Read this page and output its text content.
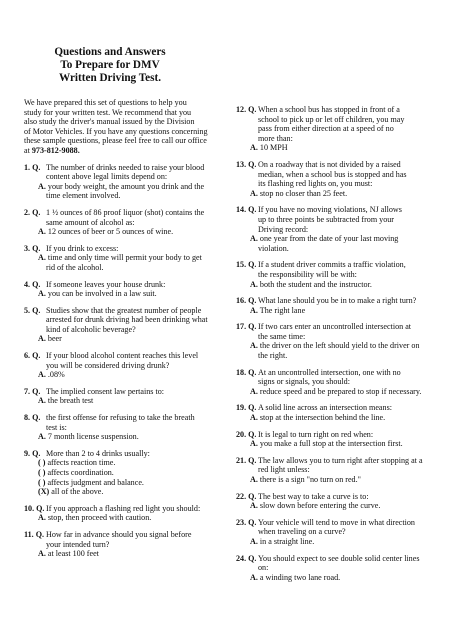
Questions and Answers
To Prepare for DMV
Written Driving Test.
We have prepared this set of questions to help you
study for your written test. We recommend that you
also study the driver's manual issued by the Division
of Motor Vehicles. If you have any questions concerning
these sample questions, please feel free to call our office
at 973-812-9088.
1. Q. The number of drinks needed to raise your blood
content above legal limits depend on:
A. your body weight, the amount you drink and the
time element involved.
2. Q. 1 ½ ounces of 86 proof liquor (shot) contains the
same amount of alcohol as:
A. 12 ounces of beer or 5 ounces of wine.
3. Q. If you drink to excess:
A. time and only time will permit your body to get
rid of the alcohol.
4. Q. If someone leaves your house drunk:
A. you can be involved in a law suit.
5. Q. Studies show that the greatest number of people
arrested for drunk driving had been drinking what
kind of alcoholic beverage?
A. beer
6. Q. If your blood alcohol content reaches this level
you will be considered driving drunk?
A. .08%
7. Q. The implied consent law pertains to:
A. the breath test
8. Q. the first offense for refusing to take the breath
test is:
A. 7 month license suspension.
9. Q. More than 2 to 4 drinks usually:
( ) affects reaction time.
( ) affects coordination.
( ) affects judgment and balance.
(X) all of the above.
10. Q. If you approach a flashing red light you should:
A. stop, then proceed with caution.
11. Q. How far in advance should you signal before
your intended turn?
A. at least 100 feet
12. Q. When a school bus has stopped in front of a
school to pick up or let off children, you may
pass from either direction at a speed of no
more than:
A. 10 MPH
13. Q. On a roadway that is not divided by a raised
median, when a school bus is stopped and has
its flashing red lights on, you must:
A. stop no closer than 25 feet.
14. Q. If you have no moving violations, NJ allows
up to three points be subtracted from your
Driving record:
A. one year from the date of your last moving
violation.
15. Q. If a student driver commits a traffic violation,
the responsibility will be with:
A. both the student and the instructor.
16. Q. What lane should you be in to make a right turn?
A. The right lane
17. Q. If two cars enter an uncontrolled intersection at
the same time:
A. the driver on the left should yield to the driver on
the right.
18. Q. At an uncontrolled intersection, one with no
signs or signals, you should:
A. reduce speed and be prepared to stop if necessary.
19. Q. A solid line across an intersection means:
A. stop at the intersection behind the line.
20. Q. It is legal to turn right on red when:
A. you make a full stop at the intersection first.
21. Q. The law allows you to turn right after stopping at a
red light unless:
A. there is a sign "no turn on red."
22. Q. The best way to take a curve is to:
A. slow down before entering the curve.
23. Q. Your vehicle will tend to move in what direction
when traveling on a curve?
A. in a straight line.
24. Q. You should expect to see double solid center lines
on:
A. a winding two lane road.
